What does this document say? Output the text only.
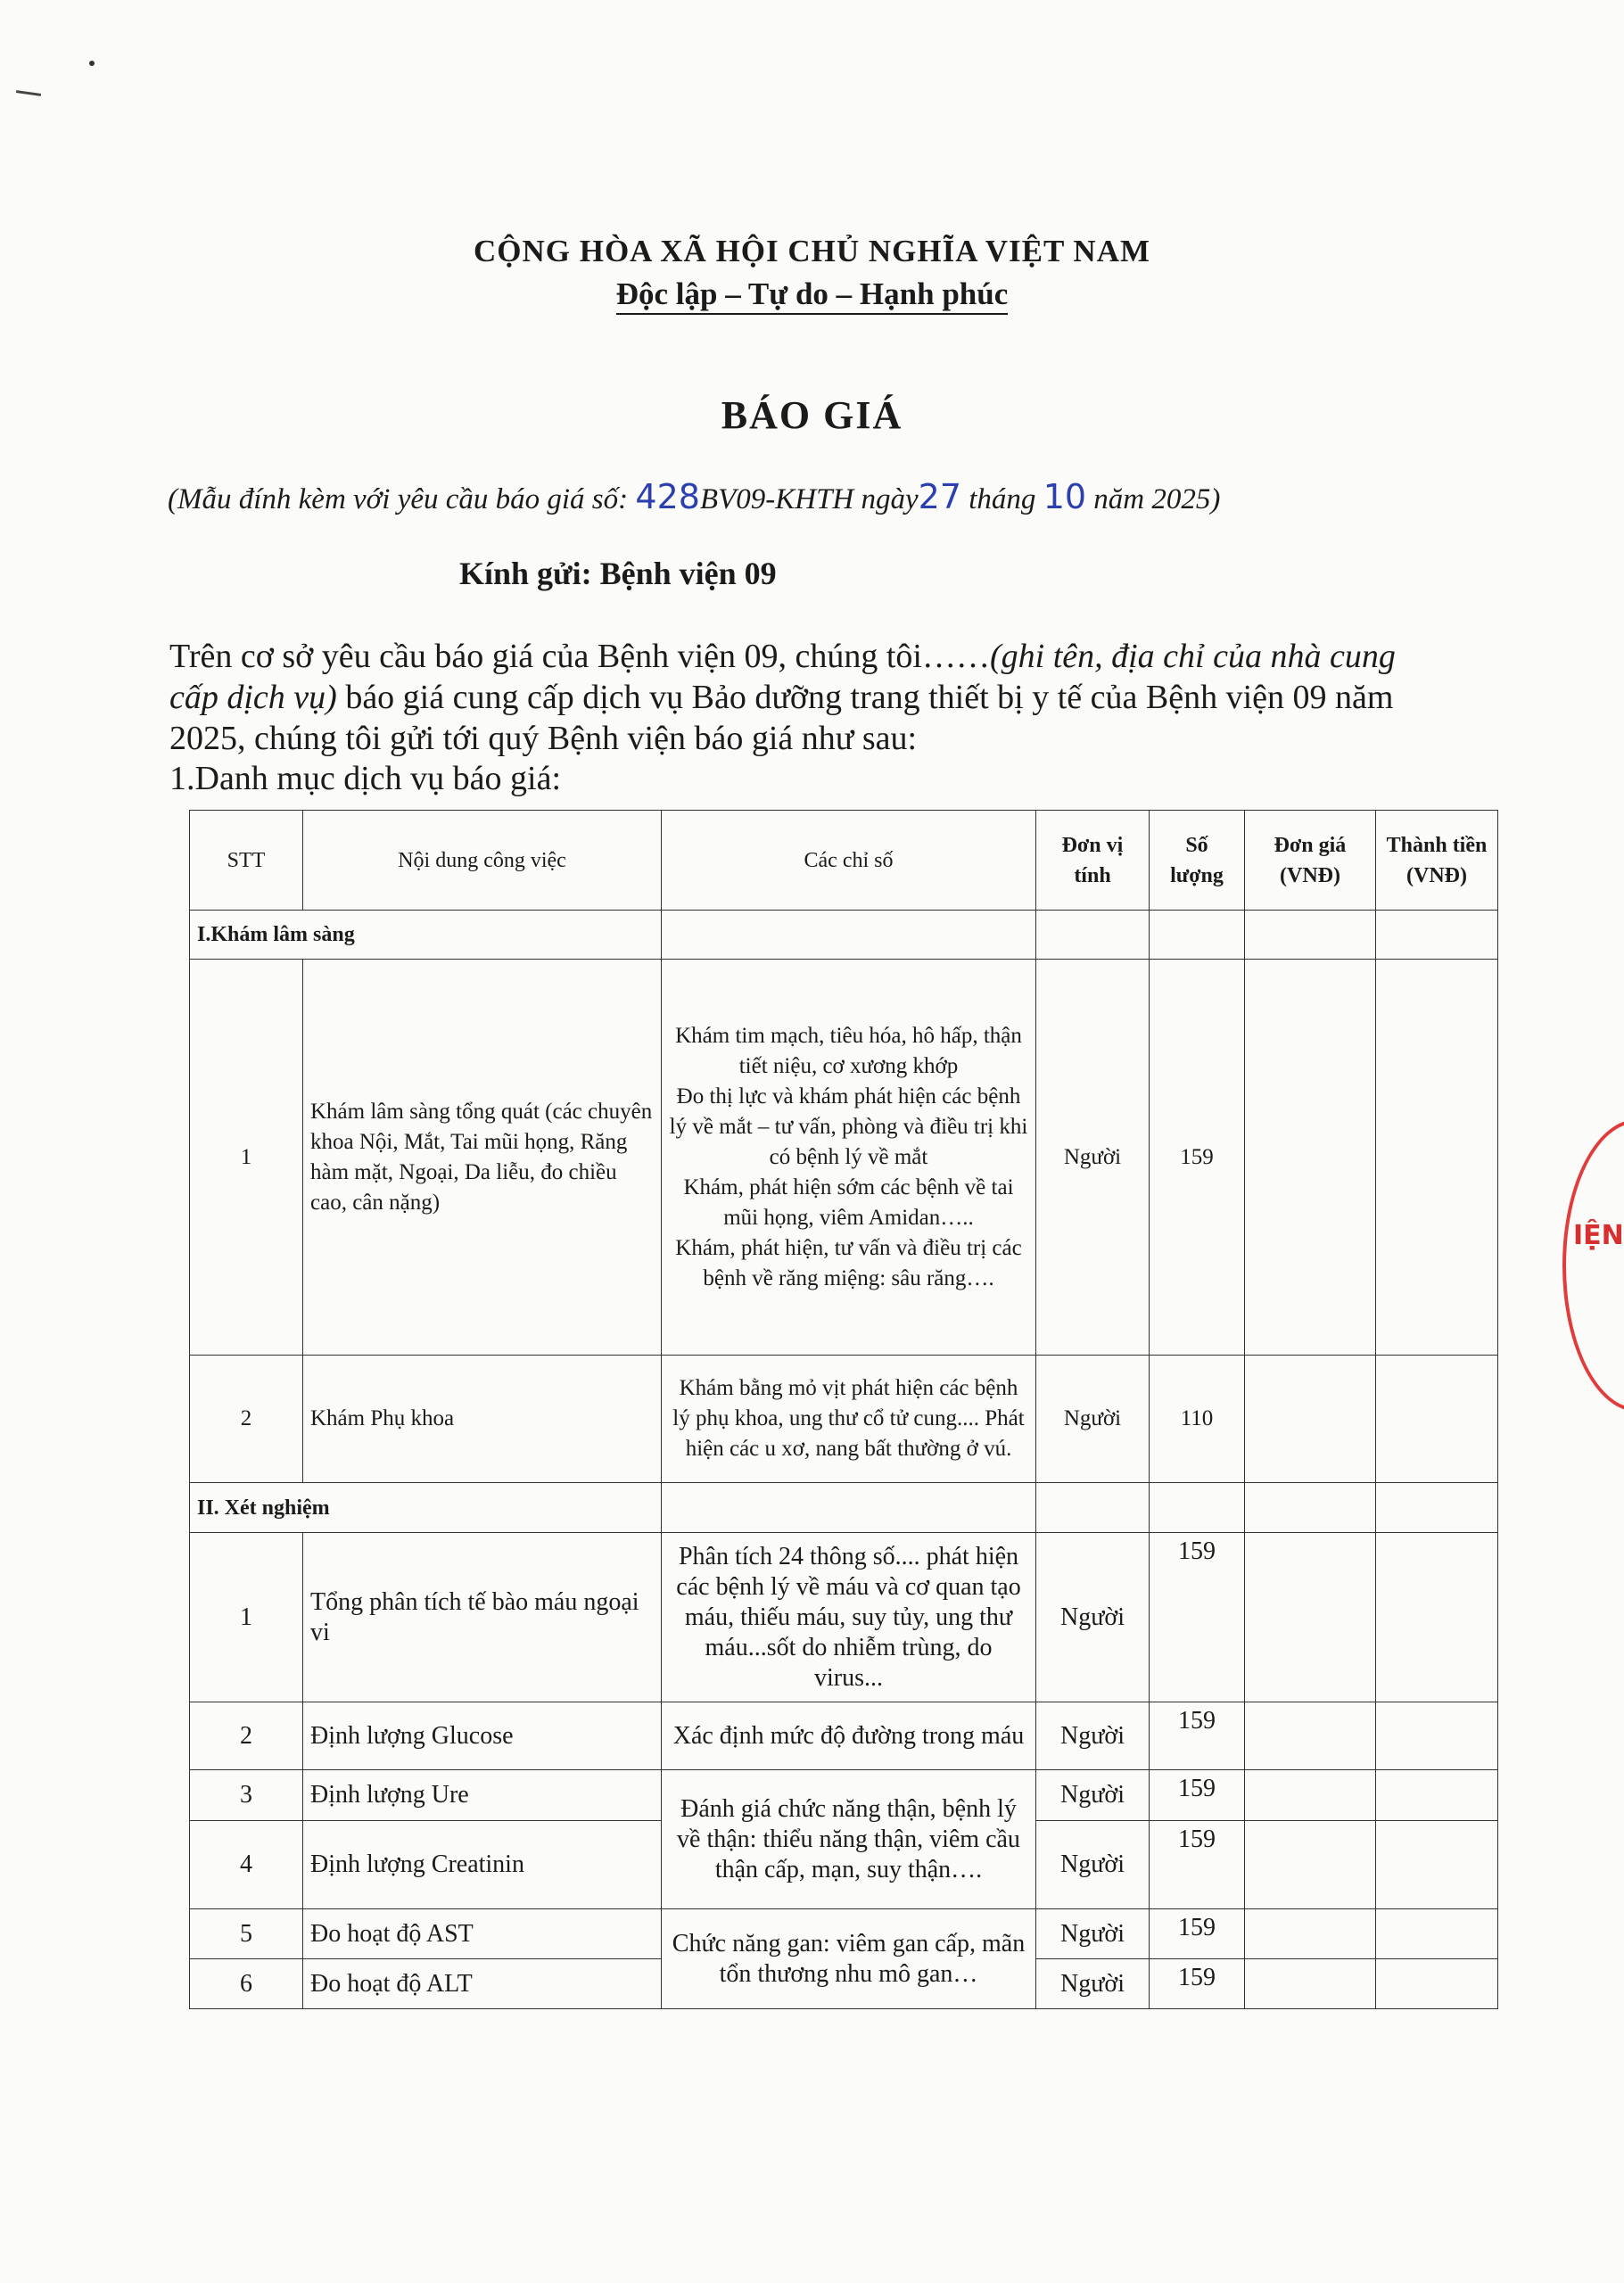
CỘNG HÒA XÃ HỘI CHỦ NGHĨA VIỆT NAM
Độc lập – Tự do – Hạnh phúc
BÁO GIÁ
(Mẫu đính kèm với yêu cầu báo giá số: 428BV09-KHTH ngày27 tháng 10 năm 2025)
Kính gửi: Bệnh viện 09
Trên cơ sở yêu cầu báo giá của Bệnh viện 09, chúng tôi……(ghi tên, địa chỉ của nhà cung cấp dịch vụ) báo giá cung cấp dịch vụ Bảo dưỡng trang thiết bị y tế của Bệnh viện 09 năm 2025, chúng tôi gửi tới quý Bệnh viện báo giá như sau:
1.Danh mục dịch vụ báo giá:
STT	Nội dung công việc	Các chỉ số	Đơn vị tính	Số lượng	Đơn giá (VNĐ)	Thành tiền (VNĐ)
I.Khám lâm sàng						
1	Khám lâm sàng tổng quát (các chuyên khoa Nội, Mắt, Tai mũi họng, Răng hàm mặt, Ngoại, Da liễu, đo chiều cao, cân nặng)	Khám tim mạch, tiêu hóa, hô hấp, thận tiết niệu, cơ xương khớp
Đo thị lực và khám phát hiện các bệnh lý về mắt – tư vấn, phòng và điều trị khi có bệnh lý về mắt
Khám, phát hiện sớm các bệnh về tai mũi họng, viêm Amidan…..
Khám, phát hiện, tư vấn và điều trị các bệnh về răng miệng: sâu răng….	Người	159		
2	Khám Phụ khoa	Khám bằng mỏ vịt phát hiện các bệnh lý phụ khoa, ung thư cổ tử cung.... Phát hiện các u xơ, nang bất thường ở vú.	Người	110		
II. Xét nghiệm						
1	Tổng phân tích tế bào máu ngoại vi	Phân tích 24 thông số.... phát hiện các bệnh lý về máu và cơ quan tạo máu, thiếu máu, suy tủy, ung thư máu...sốt do nhiễm trùng, do virus...	Người	159		
2	Định lượng Glucose	Xác định mức độ đường trong máu	Người	159		
3	Định lượng Ure	Đánh giá chức năng thận, bệnh lý về thận: thiểu năng thận, viêm cầu thận cấp, mạn, suy thận….	Người	159		
4	Định lượng Creatinin		Người	159		
5	Đo hoạt độ AST	Chức năng gan: viêm gan cấp, mãn tổn thương nhu mô gan…	Người	159		
6	Đo hoạt độ ALT		Người	159		
IỆN
